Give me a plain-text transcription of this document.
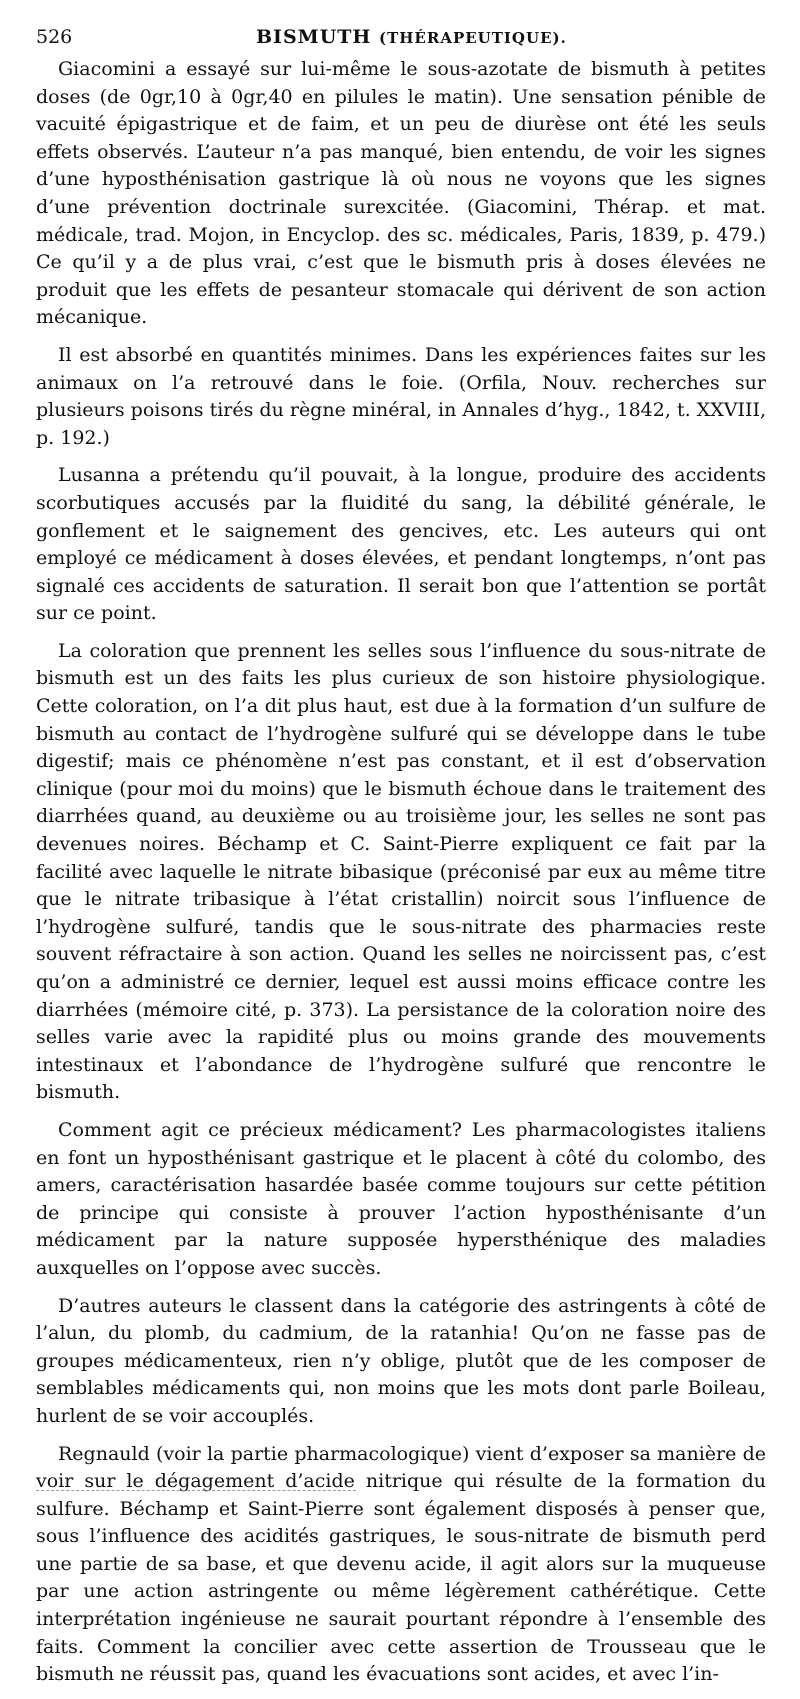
526	BISMUTH (THÉRAPEUTIQUE).

Giacomini a essayé sur lui-même le sous-azotate de bismuth à petites doses (de 0gr,10 à 0gr,40 en pilules le matin). Une sensation pénible de vacuité épigastrique et de faim, et un peu de diurèse ont été les seuls effets observés. L’auteur n’a pas manqué, bien entendu, de voir les signes d’une hyposthénisation gastrique là où nous ne voyons que les signes d’une prévention doctrinale surexcitée. (Giacomini, Thérap. et mat. médicale, trad. Mojon, in Encyclop. des sc. médicales, Paris, 1839, p. 479.) Ce qu’il y a de plus vrai, c’est que le bismuth pris à doses élevées ne produit que les effets de pesanteur stomacale qui dérivent de son action mécanique.

Il est absorbé en quantités minimes. Dans les expériences faites sur les animaux on l’a retrouvé dans le foie. (Orfila, Nouv. recherches sur plusieurs poisons tirés du règne minéral, in Annales d’hyg., 1842, t. XXVIII, p. 192.)

Lusanna a prétendu qu’il pouvait, à la longue, produire des accidents scorbutiques accusés par la fluidité du sang, la débilité générale, le gonflement et le saignement des gencives, etc. Les auteurs qui ont employé ce médicament à doses élevées, et pendant longtemps, n’ont pas signalé ces accidents de saturation. Il serait bon que l’attention se portât sur ce point.

La coloration que prennent les selles sous l’influence du sous-nitrate de bismuth est un des faits les plus curieux de son histoire physiologique. Cette coloration, on l’a dit plus haut, est due à la formation d’un sulfure de bismuth au contact de l’hydrogène sulfuré qui se développe dans le tube digestif; mais ce phénomène n’est pas constant, et il est d’observation clinique (pour moi du moins) que le bismuth échoue dans le traitement des diarrhées quand, au deuxième ou au troisième jour, les selles ne sont pas devenues noires. Béchamp et C. Saint-Pierre expliquent ce fait par la facilité avec laquelle le nitrate bibasique (préconisé par eux au même titre que le nitrate tribasique à l’état cristallin) noircit sous l’influence de l’hydrogène sulfuré, tandis que le sous-nitrate des pharmacies reste souvent réfractaire à son action. Quand les selles ne noircissent pas, c’est qu’on a administré ce dernier, lequel est aussi moins efficace contre les diarrhées (mémoire cité, p. 373). La persistance de la coloration noire des selles varie avec la rapidité plus ou moins grande des mouvements intestinaux et l’abondance de l’hydrogène sulfuré que rencontre le bismuth.

Comment agit ce précieux médicament? Les pharmacologistes italiens en font un hyposthénisant gastrique et le placent à côté du colombo, des amers, caractérisation hasardée basée comme toujours sur cette pétition de principe qui consiste à prouver l’action hyposthénisante d’un médicament par la nature supposée hypersthénique des maladies auxquelles on l’oppose avec succès.

D’autres auteurs le classent dans la catégorie des astringents à côté de l’alun, du plomb, du cadmium, de la ratanhia! Qu’on ne fasse pas de groupes médicamenteux, rien n’y oblige, plutôt que de les composer de semblables médicaments qui, non moins que les mots dont parle Boileau, hurlent de se voir accouplés.

Regnauld (voir la partie pharmacologique) vient d’exposer sa manière de voir sur le dégagement d’acide nitrique qui résulte de la formation du sulfure. Béchamp et Saint-Pierre sont également disposés à penser que, sous l’influence des acidités gastriques, le sous-nitrate de bismuth perd une partie de sa base, et que devenu acide, il agit alors sur la muqueuse par une action astringente ou même légèrement cathérétique. Cette interprétation ingénieuse ne saurait pourtant répondre à l’ensemble des faits. Comment la concilier avec cette assertion de Trousseau que le bismuth ne réussit pas, quand les évacuations sont acides, et avec l’in-
